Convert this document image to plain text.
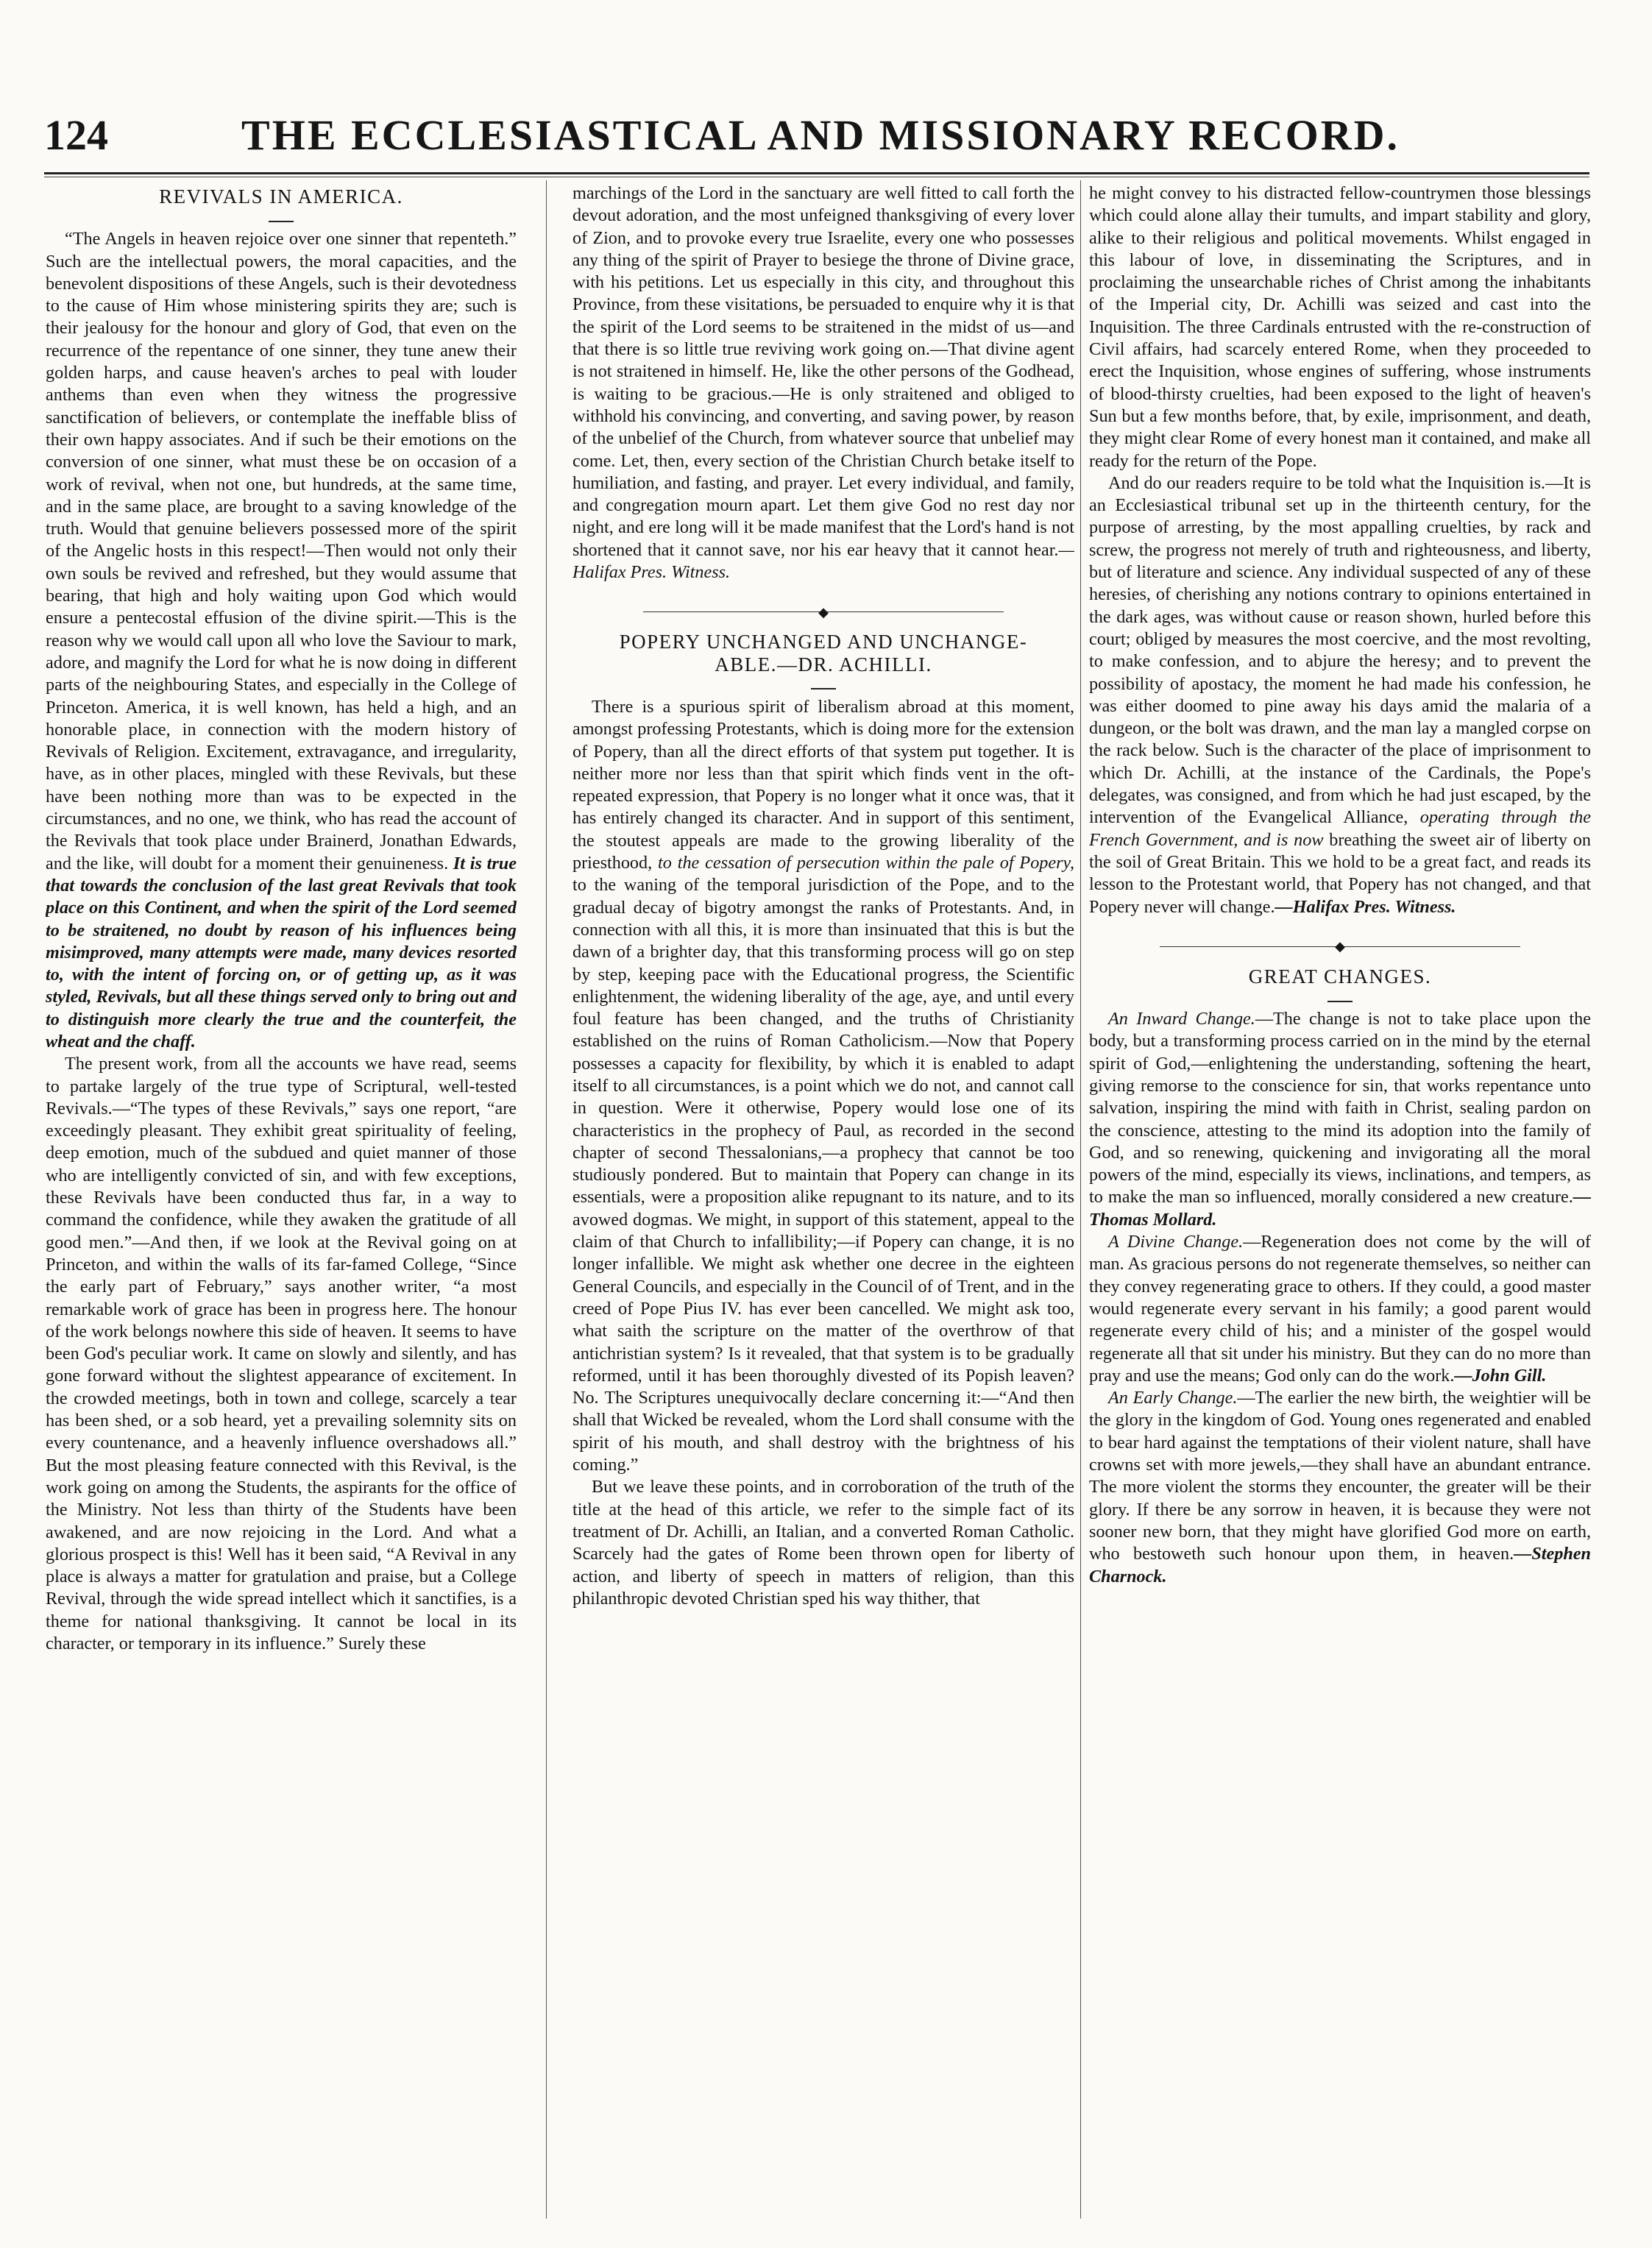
124	THE ECCLESIASTICAL AND MISSIONARY RECORD.
REVIVALS IN AMERICA.

“The Angels in heaven rejoice over one sinner that repenteth.” Such are the intellectual powers, the moral capacities, and the benevolent dispositions of these Angels, such is their devotedness to the cause of Him whose ministering spirits they are; such is their jealousy for the honour and glory of God, that even on the recurrence of the repentance of one sinner, they tune anew their golden harps, and cause heaven's arches to peal with louder anthems than even when they witness the progressive sanctification of believers, or contemplate the ineffable bliss of their own happy associates. And if such be their emotions on the conversion of one sinner, what must these be on occasion of a work of revival, when not one, but hundreds, at the same time, and in the same place, are brought to a saving knowledge of the truth. Would that genuine believers possessed more of the spirit of the Angelic hosts in this respect!—Then would not only their own souls be revived and refreshed, but they would assume that bearing, that high and holy waiting upon God which would ensure a pentecostal effusion of the divine spirit.—This is the reason why we would call upon all who love the Saviour to mark, adore, and magnify the Lord for what he is now doing in different parts of the neighbouring States, and especially in the College of Princeton. America, it is well known, has held a high, and an honorable place, in connection with the modern history of Revivals of Religion. Excitement, extravagance, and irregularity, have, as in other places, mingled with these Revivals, but these have been nothing more than was to be expected in the circumstances, and no one, we think, who has read the account of the Revivals that took place under Brainerd, Jonathan Edwards, and the like, will doubt for a moment their genuineness. It is true that towards the conclusion of the last great Revivals that took place on this Continent, and when the spirit of the Lord seemed to be straitened, no doubt by reason of his influences being misimproved, many attempts were made, many devices resorted to, with the intent of forcing on, or of getting up, as it was styled, Revivals, but all these things served only to bring out and to distinguish more clearly the true and the counterfeit, the wheat and the chaff.

The present work, from all the accounts we have read, seems to partake largely of the true type of Scriptural, well-tested Revivals.—“The types of these Revivals,” says one report, “are exceedingly pleasant. They exhibit great spirituality of feeling, deep emotion, much of the subdued and quiet manner of those who are intelligently convicted of sin, and with few exceptions, these Revivals have been conducted thus far, in a way to command the confidence, while they awaken the gratitude of all good men.”—And then, if we look at the Revival going on at Princeton, and within the walls of its far-famed College, “Since the early part of February,” says another writer, “a most remarkable work of grace has been in progress here. The honour of the work belongs nowhere this side of heaven. It seems to have been God's peculiar work. It came on slowly and silently, and has gone forward without the slightest appearance of excitement. In the crowded meetings, both in town and college, scarcely a tear has been shed, or a sob heard, yet a prevailing solemnity sits on every countenance, and a heavenly influence overshadows all.” But the most pleasing feature connected with this Revival, is the work going on among the Students, the aspirants for the office of the Ministry. Not less than thirty of the Students have been awakened, and are now rejoicing in the Lord. And what a glorious prospect is this! Well has it been said, “A Revival in any place is always a matter for gratulation and praise, but a College Revival, through the wide spread intellect which it sanctifies, is a theme for national thanksgiving. It cannot be local in its character, or temporary in its influence.” Surely these

marchings of the Lord in the sanctuary are well fitted to call forth the devout adoration, and the most unfeigned thanksgiving of every lover of Zion, and to provoke every true Israelite, every one who possesses any thing of the spirit of Prayer to besiege the throne of Divine grace, with his petitions. Let us especially in this city, and throughout this Province, from these visitations, be persuaded to enquire why it is that the spirit of the Lord seems to be straitened in the midst of us—and that there is so little true reviving work going on.—That divine agent is not straitened in himself. He, like the other persons of the Godhead, is waiting to be gracious.—He is only straitened and obliged to withhold his convincing, and converting, and saving power, by reason of the unbelief of the Church, from whatever source that unbelief may come. Let, then, every section of the Christian Church betake itself to humiliation, and fasting, and prayer. Let every individual, and family, and congregation mourn apart. Let them give God no rest day nor night, and ere long will it be made manifest that the Lord's hand is not shortened that it cannot save, nor his ear heavy that it cannot hear.—Halifax Pres. Witness.

◆
POPERY UNCHANGED AND UNCHANGE-
ABLE.—DR. ACHILLI.

There is a spurious spirit of liberalism abroad at this moment, amongst professing Protestants, which is doing more for the extension of Popery, than all the direct efforts of that system put together. It is neither more nor less than that spirit which finds vent in the oft-repeated expression, that Popery is no longer what it once was, that it has entirely changed its character. And in support of this sentiment, the stoutest appeals are made to the growing liberality of the priesthood, to the cessation of persecution within the pale of Popery, to the waning of the temporal jurisdiction of the Pope, and to the gradual decay of bigotry amongst the ranks of Protestants. And, in connection with all this, it is more than insinuated that this is but the dawn of a brighter day, that this transforming process will go on step by step, keeping pace with the Educational progress, the Scientific enlightenment, the widening liberality of the age, aye, and until every foul feature has been changed, and the truths of Christianity established on the ruins of Roman Catholicism.—Now that Popery possesses a capacity for flexibility, by which it is enabled to adapt itself to all circumstances, is a point which we do not, and cannot call in question. Were it otherwise, Popery would lose one of its characteristics in the prophecy of Paul, as recorded in the second chapter of second Thessalonians,—a prophecy that cannot be too studiously pondered. But to maintain that Popery can change in its essentials, were a proposition alike repugnant to its nature, and to its avowed dogmas. We might, in support of this statement, appeal to the claim of that Church to infallibility;—if Popery can change, it is no longer infallible. We might ask whether one decree in the eighteen General Councils, and especially in the Council of of Trent, and in the creed of Pope Pius IV. has ever been cancelled. We might ask too, what saith the scripture on the matter of the overthrow of that antichristian system? Is it revealed, that that system is to be gradually reformed, until it has been thoroughly divested of its Popish leaven? No. The Scriptures unequivocally declare concerning it:—“And then shall that Wicked be revealed, whom the Lord shall consume with the spirit of his mouth, and shall destroy with the brightness of his coming.”

But we leave these points, and in corroboration of the truth of the title at the head of this article, we refer to the simple fact of its treatment of Dr. Achilli, an Italian, and a converted Roman Catholic. Scarcely had the gates of Rome been thrown open for liberty of action, and liberty of speech in matters of religion, than this philanthropic devoted Christian sped his way thither, that

he might convey to his distracted fellow-countrymen those blessings which could alone allay their tumults, and impart stability and glory, alike to their religious and political movements. Whilst engaged in this labour of love, in disseminating the Scriptures, and in proclaiming the unsearchable riches of Christ among the inhabitants of the Imperial city, Dr. Achilli was seized and cast into the Inquisition. The three Cardinals entrusted with the re-construction of Civil affairs, had scarcely entered Rome, when they proceeded to erect the Inquisition, whose engines of suffering, whose instruments of blood-thirsty cruelties, had been exposed to the light of heaven's Sun but a few months before, that, by exile, imprisonment, and death, they might clear Rome of every honest man it contained, and make all ready for the return of the Pope.

And do our readers require to be told what the Inquisition is.—It is an Ecclesiastical tribunal set up in the thirteenth century, for the purpose of arresting, by the most appalling cruelties, by rack and screw, the progress not merely of truth and righteousness, and liberty, but of literature and science. Any individual suspected of any of these heresies, of cherishing any notions contrary to opinions entertained in the dark ages, was without cause or reason shown, hurled before this court; obliged by measures the most coercive, and the most revolting, to make confession, and to abjure the heresy; and to prevent the possibility of apostacy, the moment he had made his confession, he was either doomed to pine away his days amid the malaria of a dungeon, or the bolt was drawn, and the man lay a mangled corpse on the rack below. Such is the character of the place of imprisonment to which Dr. Achilli, at the instance of the Cardinals, the Pope's delegates, was consigned, and from which he had just escaped, by the intervention of the Evangelical Alliance, operating through the French Government, and is now breathing the sweet air of liberty on the soil of Great Britain. This we hold to be a great fact, and reads its lesson to the Protestant world, that Popery has not changed, and that Popery never will change.—Halifax Pres. Witness.

◆
GREAT CHANGES.

An Inward Change.—The change is not to take place upon the body, but a transforming process carried on in the mind by the eternal spirit of God,—enlightening the understanding, softening the heart, giving remorse to the conscience for sin, that works repentance unto salvation, inspiring the mind with faith in Christ, sealing pardon on the conscience, attesting to the mind its adoption into the family of God, and so renewing, quickening and invigorating all the moral powers of the mind, especially its views, inclinations, and tempers, as to make the man so influenced, morally considered a new creature.—Thomas Mollard.

A Divine Change.—Regeneration does not come by the will of man. As gracious persons do not regenerate themselves, so neither can they convey regenerating grace to others. If they could, a good master would regenerate every servant in his family; a good parent would regenerate every child of his; and a minister of the gospel would regenerate all that sit under his ministry. But they can do no more than pray and use the means; God only can do the work.—John Gill.

An Early Change.—The earlier the new birth, the weightier will be the glory in the kingdom of God. Young ones regenerated and enabled to bear hard against the temptations of their violent nature, shall have crowns set with more jewels,—they shall have an abundant entrance. The more violent the storms they encounter, the greater will be their glory. If there be any sorrow in heaven, it is because they were not sooner new born, that they might have glorified God more on earth, who bestoweth such honour upon them, in heaven.—Stephen Charnock.
